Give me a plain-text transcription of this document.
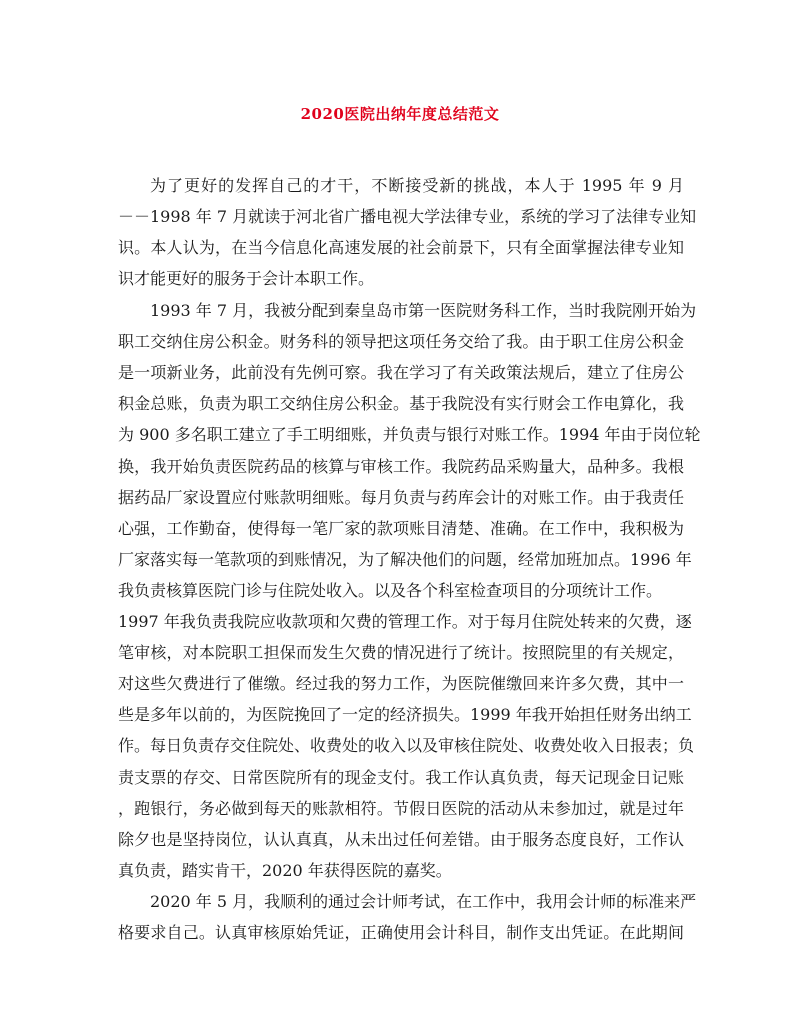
2020医院出纳年度总结范文
为了更好的发挥自己的才干，不断接受新的挑战，本人于 1995 年 9 月
－－1998 年 7 月就读于河北省广播电视大学法律专业，系统的学习了法律专业知
识。本人认为，在当今信息化高速发展的社会前景下，只有全面掌握法律专业知
识才能更好的服务于会计本职工作。
1993 年 7 月，我被分配到秦皇岛市第一医院财务科工作，当时我院刚开始为
职工交纳住房公积金。财务科的领导把这项任务交给了我。由于职工住房公积金
是一项新业务，此前没有先例可察。我在学习了有关政策法规后，建立了住房公
积金总账，负责为职工交纳住房公积金。基于我院没有实行财会工作电算化，我
为 900 多名职工建立了手工明细账，并负责与银行对账工作。1994 年由于岗位轮
换，我开始负责医院药品的核算与审核工作。我院药品采购量大，品种多。我根
据药品厂家设置应付账款明细账。每月负责与药库会计的对账工作。由于我责任
心强，工作勤奋，使得每一笔厂家的款项账目清楚、准确。在工作中，我积极为
厂家落实每一笔款项的到账情况，为了解决他们的问题，经常加班加点。1996 年
我负责核算医院门诊与住院处收入。以及各个科室检查项目的分项统计工作。
1997 年我负责我院应收款项和欠费的管理工作。对于每月住院处转来的欠费，逐
笔审核，对本院职工担保而发生欠费的情况进行了统计。按照院里的有关规定，
对这些欠费进行了催缴。经过我的努力工作，为医院催缴回来许多欠费，其中一
些是多年以前的，为医院挽回了一定的经济损失。1999 年我开始担任财务出纳工
作。每日负责存交住院处、收费处的收入以及审核住院处、收费处收入日报表；负
责支票的存交、日常医院所有的现金支付。我工作认真负责，每天记现金日记账
，跑银行，务必做到每天的账款相符。节假日医院的活动从未参加过，就是过年
除夕也是坚持岗位，认认真真，从未出过任何差错。由于服务态度良好，工作认
真负责，踏实肯干，2020 年获得医院的嘉奖。
2020 年 5 月，我顺利的通过会计师考试，在工作中，我用会计师的标准来严
格要求自己。认真审核原始凭证，正确使用会计科目，制作支出凭证。在此期间
